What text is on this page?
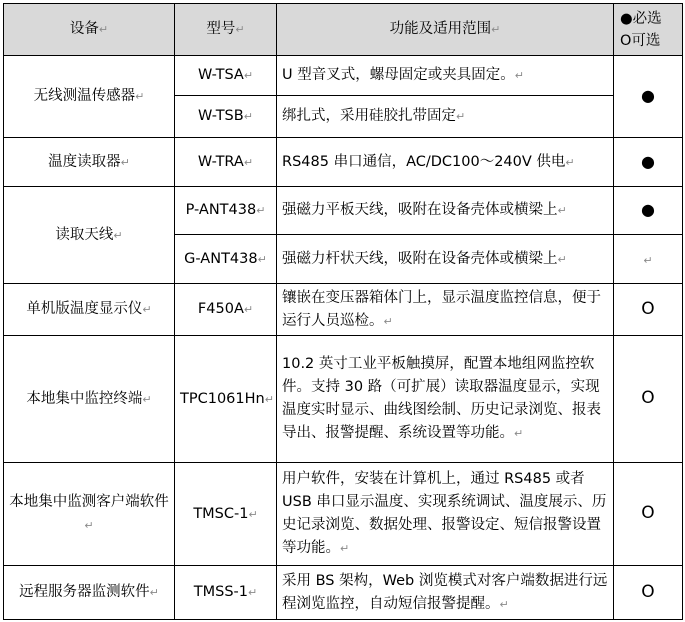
设备↵	型号↵	功能及适用范围↵	●必选
O可选

无线测温传感器↵	W-TSA↵	U 型音叉式，螺母固定或夹具固定。↵	●
	W-TSB↵	绑扎式，采用硅胶扎带固定↵	
温度读取器↵	W-TRA↵	RS485 串口通信，AC/DC100～240V 供电↵	●
读取天线↵	P-ANT438↵	强磁力平板天线，吸附在设备壳体或横梁上↵	●
	G-ANT438↵	强磁力杆状天线，吸附在设备壳体或横梁上↵	↵
单机版温度显示仪↵	F450A↵	镶嵌在变压器箱体门上，显示温度监控信息，便于运行人员巡检。↵	O
本地集中监控终端↵	TPC1061Hn↵	10.2 英寸工业平板触摸屏，配置本地组网监控软件。支持 30 路（可扩展）读取器温度显示，实现温度实时显示、曲线图绘制、历史记录浏览、报表导出、报警提醒、系统设置等功能。↵	O
本地集中监测客户端软件↵	TMSC-1↵	用户软件，安装在计算机上，通过 RS485 或者 USB 串口显示温度、实现系统调试、温度展示、历史记录浏览、数据处理、报警设定、短信报警设置等功能。↵	O
远程服务器监测软件↵	TMSS-1↵	采用 BS 架构，Web 浏览模式对客户端数据进行远程浏览监控，自动短信报警提醒。↵	O
